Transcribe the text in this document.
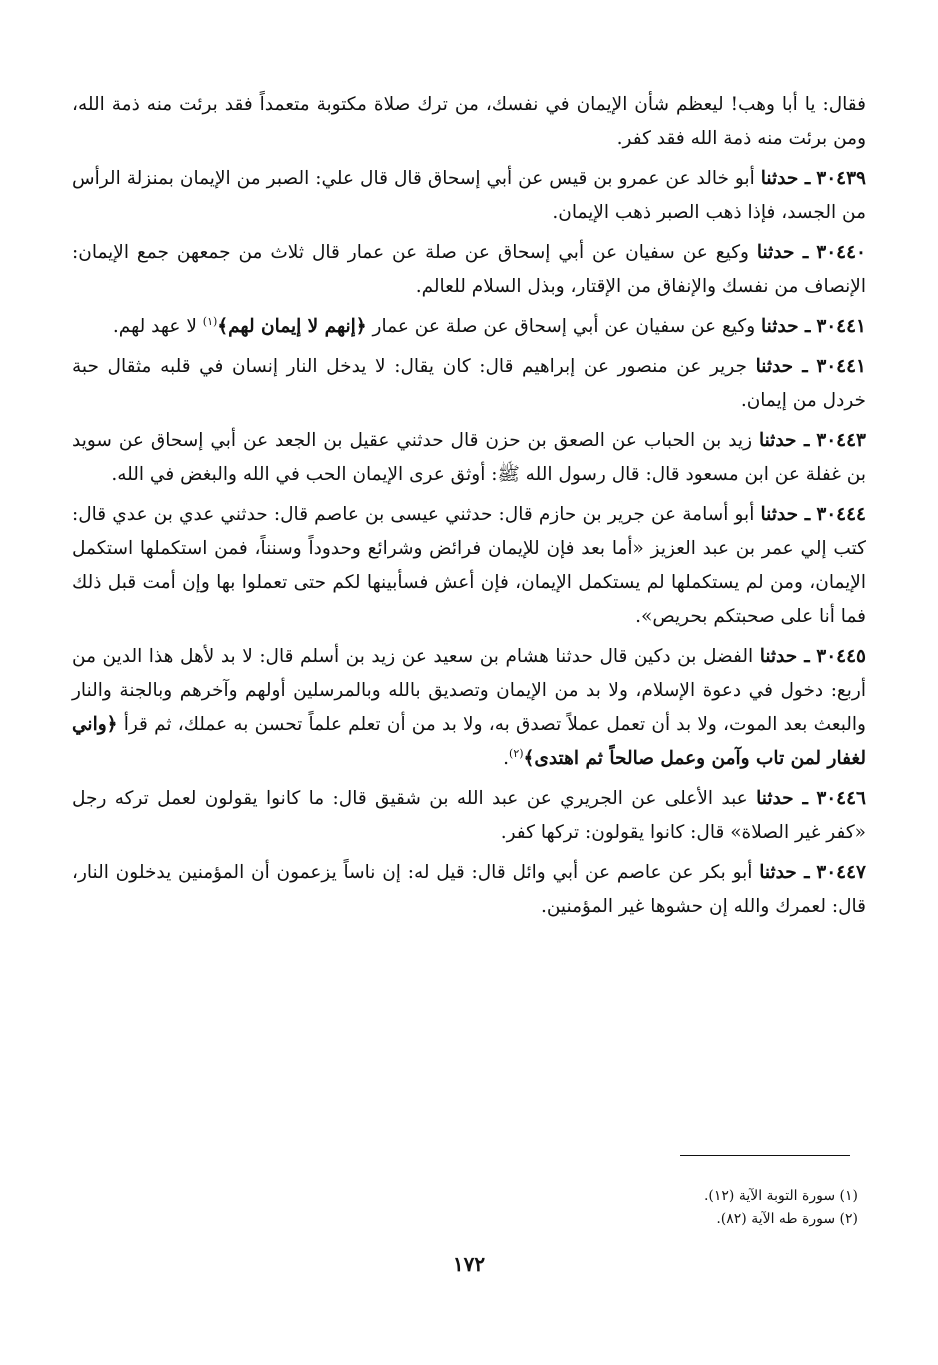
فقال: يا أبا وهب! ليعظم شأن الإيمان في نفسك، من ترك صلاة مكتوبة متعمداً فقد برئت منه ذمة الله، ومن برئت منه ذمة الله فقد كفر.

٣٠٤٣٩ ـ حدثنا أبو خالد عن عمرو بن قيس عن أبي إسحاق قال قال علي: الصبر من الإيمان بمنزلة الرأس من الجسد، فإذا ذهب الصبر ذهب الإيمان.

٣٠٤٤٠ ـ حدثنا وكيع عن سفيان عن أبي إسحاق عن صلة عن عمار قال ثلاث من جمعهن جمع الإيمان: الإنصاف من نفسك والإنفاق من الإقتار، وبذل السلام للعالم.

٣٠٤٤١ ـ حدثنا وكيع عن سفيان عن أبي إسحاق عن صلة عن عمار ﴿إنهم لا إيمان لهم﴾$^{(١)}$ لا عهد لهم.

٣٠٤٤١ ـ حدثنا جرير عن منصور عن إبراهيم قال: كان يقال: لا يدخل النار إنسان في قلبه مثقال حبة خردل من إيمان.

٣٠٤٤٣ ـ حدثنا زيد بن الحباب عن الصعق بن حزن قال حدثني عقيل بن الجعد عن أبي إسحاق عن سويد بن غفلة عن ابن مسعود قال: قال رسول الله ﷺ: أوثق عرى الإيمان الحب في الله والبغض في الله.

٣٠٤٤٤ ـ حدثنا أبو أسامة عن جرير بن حازم قال: حدثني عيسى بن عاصم قال: حدثني عدي بن عدي قال: كتب إلي عمر بن عبد العزيز «أما بعد فإن للإيمان فرائض وشرائع وحدوداً وسنناً، فمن استكملها استكمل الإيمان، ومن لم يستكملها لم يستكمل الإيمان، فإن أعش فسأبينها لكم حتى تعملوا بها وإن أمت قبل ذلك فما أنا على صحبتكم بحريص».

٣٠٤٤٥ ـ حدثنا الفضل بن دكين قال حدثنا هشام بن سعيد عن زيد بن أسلم قال: لا بد لأهل هذا الدين من أربع: دخول في دعوة الإسلام، ولا بد من الإيمان وتصديق بالله وبالمرسلين أولهم وآخرهم وبالجنة والنار والبعث بعد الموت، ولا بد أن تعمل عملاً تصدق به، ولا بد من أن تعلم علماً تحسن به عملك، ثم قرأ ﴿واني لغفار لمن تاب وآمن وعمل صالحاً ثم اهتدى﴾$^{(٢)}$.

٣٠٤٤٦ ـ حدثنا عبد الأعلى عن الجريري عن عبد الله بن شقيق قال: ما كانوا يقولون لعمل تركه رجل «كفر غير الصلاة» قال: كانوا يقولون: تركها كفر.

٣٠٤٤٧ ـ حدثنا أبو بكر عن عاصم عن أبي وائل قال: قيل له: إن ناساً يزعمون أن المؤمنين يدخلون النار، قال: لعمرك والله إن حشوها غير المؤمنين.

(١) سورة التوبة الآية (١٢).

(٢) سورة طه الآية (٨٢).

١٧٢
